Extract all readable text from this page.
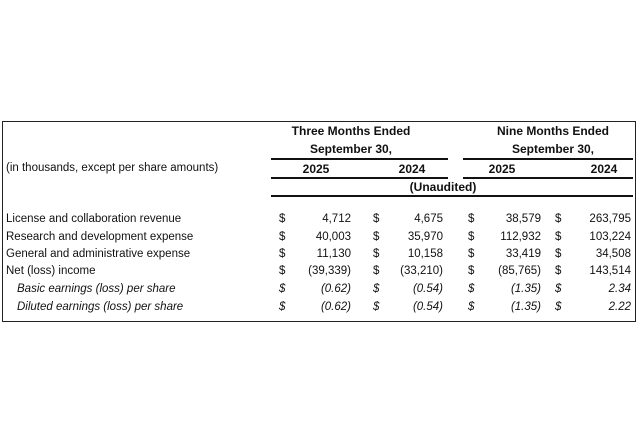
Three Months Ended
September 30,
Nine Months Ended
September 30,
(in thousands, except per share amounts)	2025	2024	2025	2024
(Unaudited)
License and collaboration revenue	$	4,712 $	4,675 $	38,579 $	263,795
Research and development expense	$	40,003 $	35,970 $	112,932 $	103,224
General and administrative expense	$	11,130 $	10,158 $	33,419 $	34,508
Net (loss) income	$	(39,339) $	(33,210) $	(85,765) $	143,514
Basic earnings (loss) per share	$	(0.62) $	(0.54) $	(1.35) $	2.34
Diluted earnings (loss) per share	$	(0.62) $	(0.54) $	(1.35) $	2.22
